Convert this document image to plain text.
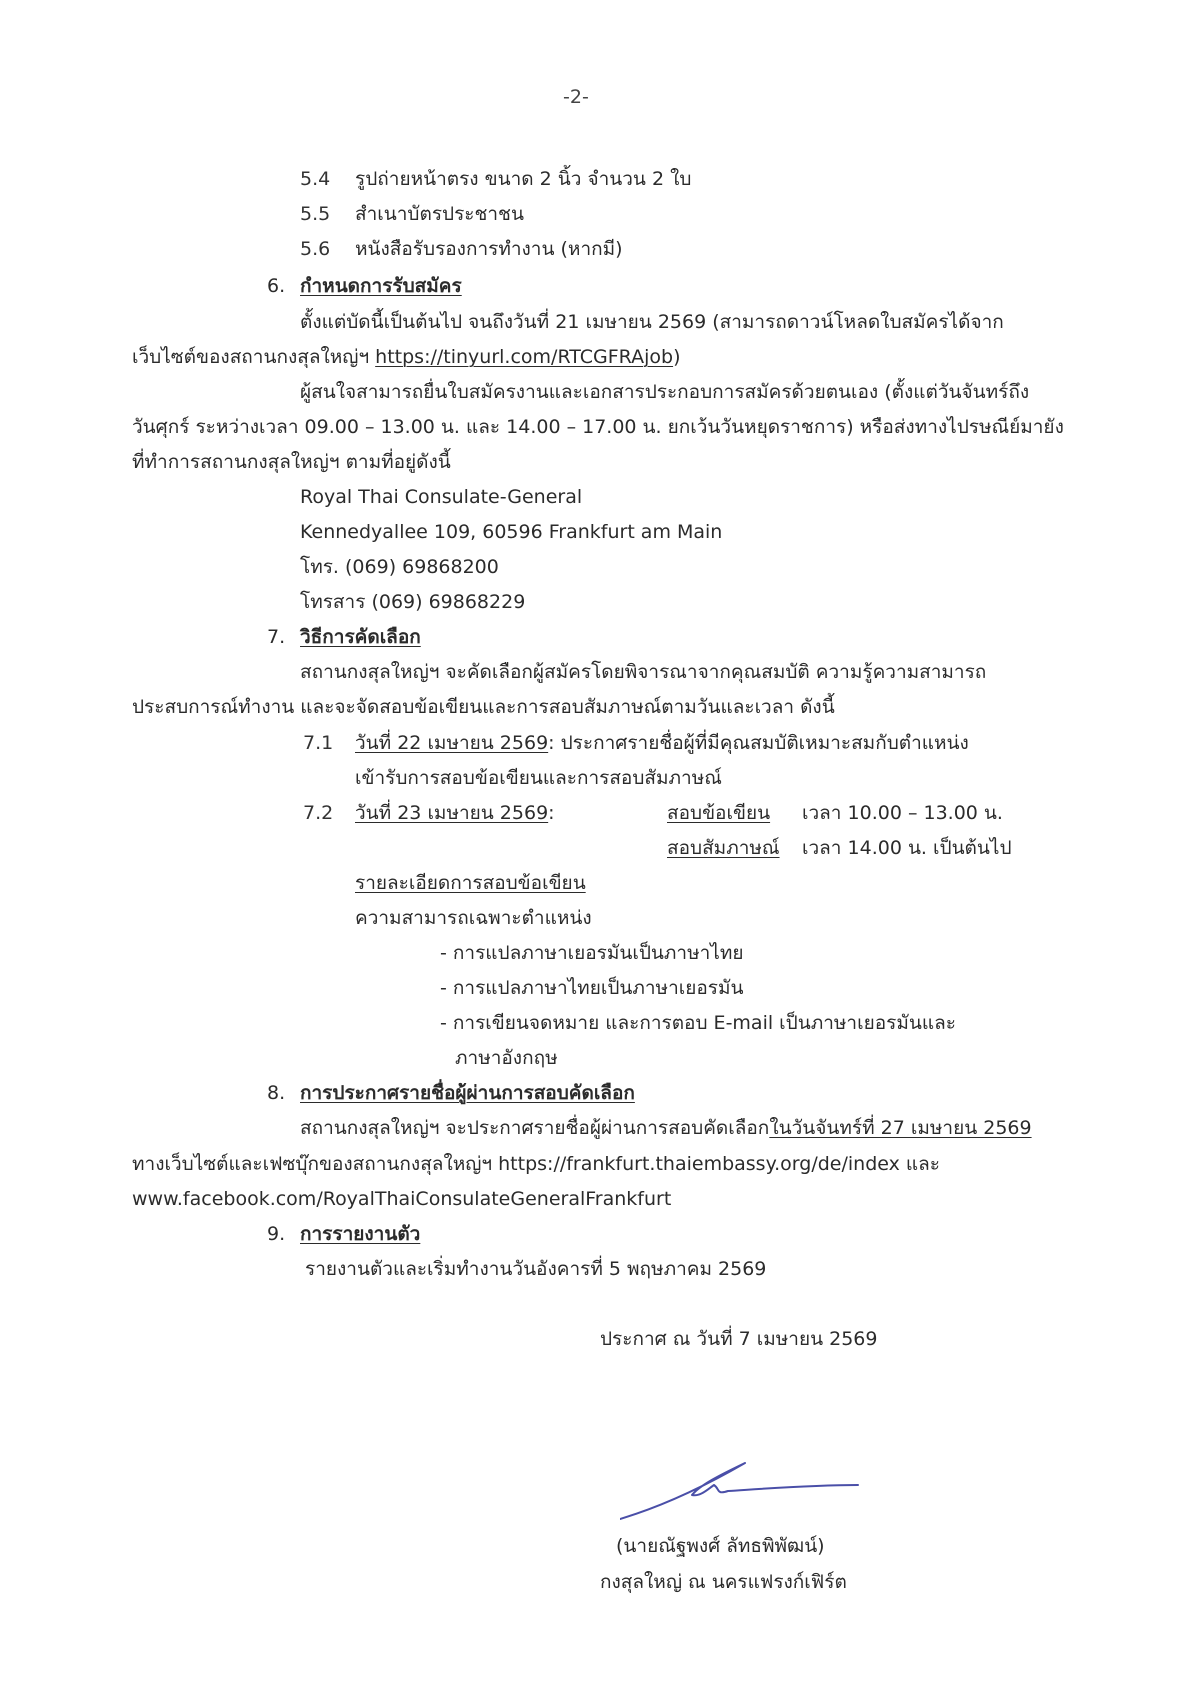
-2-
5.4 รูปถ่ายหน้าตรง ขนาด 2 นิ้ว จำนวน 2 ใบ
5.5 สำเนาบัตรประชาชน
5.6 หนังสือรับรองการทำงาน (หากมี)
6. กำหนดการรับสมัคร
ตั้งแต่บัดนี้เป็นต้นไป จนถึงวันที่ 21 เมษายน 2569 (สามารถดาวน์โหลดใบสมัครได้จาก
เว็บไซต์ของสถานกงสุลใหญ่ฯ https://tinyurl.com/RTCGFRAjob)
ผู้สนใจสามารถยื่นใบสมัครงานและเอกสารประกอบการสมัครด้วยตนเอง (ตั้งแต่วันจันทร์ถึง
วันศุกร์ ระหว่างเวลา 09.00 – 13.00 น. และ 14.00 – 17.00 น. ยกเว้นวันหยุดราชการ) หรือส่งทางไปรษณีย์มายัง
ที่ทำการสถานกงสุลใหญ่ฯ ตามที่อยู่ดังนี้
Royal Thai Consulate-General
Kennedyallee 109, 60596 Frankfurt am Main
โทร. (069) 69868200
โทรสาร (069) 69868229
7. วิธีการคัดเลือก
สถานกงสุลใหญ่ฯ จะคัดเลือกผู้สมัครโดยพิจารณาจากคุณสมบัติ ความรู้ความสามารถ
ประสบการณ์ทำงาน และจะจัดสอบข้อเขียนและการสอบสัมภาษณ์ตามวันและเวลา ดังนี้
7.1 วันที่ 22 เมษายน 2569: ประกาศรายชื่อผู้ที่มีคุณสมบัติเหมาะสมกับตำแหน่ง
เข้ารับการสอบข้อเขียนและการสอบสัมภาษณ์
7.2 วันที่ 23 เมษายน 2569:	สอบข้อเขียน เวลา 10.00 – 13.00 น.
สอบสัมภาษณ์ เวลา 14.00 น. เป็นต้นไป
รายละเอียดการสอบข้อเขียน
ความสามารถเฉพาะตำแหน่ง
- การแปลภาษาเยอรมันเป็นภาษาไทย
- การแปลภาษาไทยเป็นภาษาเยอรมัน
- การเขียนจดหมาย และการตอบ E-mail เป็นภาษาเยอรมันและ
ภาษาอังกฤษ
8. การประกาศรายชื่อผู้ผ่านการสอบคัดเลือก
สถานกงสุลใหญ่ฯ จะประกาศรายชื่อผู้ผ่านการสอบคัดเลือกในวันจันทร์ที่ 27 เมษายน 2569
ทางเว็บไซต์และเฟซบุ๊กของสถานกงสุลใหญ่ฯ https://frankfurt.thaiembassy.org/de/index และ
www.facebook.com/RoyalThaiConsulateGeneralFrankfurt
9. การรายงานตัว
รายงานตัวและเริ่มทำงานวันอังคารที่ 5 พฤษภาคม 2569
ประกาศ ณ วันที่ 7 เมษายน 2569
(นายณัฐพงศ์ ลัทธพิพัฒน์)
กงสุลใหญ่ ณ นครแฟรงก์เฟิร์ต
